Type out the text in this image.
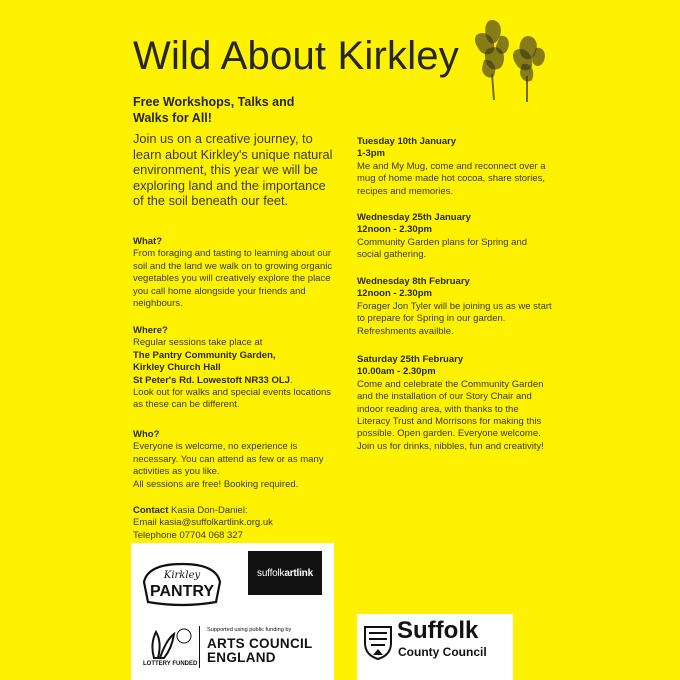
Wild About Kirkley
Free Workshops, Talks and Walks for All!
Join us on a creative journey, to learn about Kirkley's unique natural environment, this year we will be exploring land and the importance of the soil beneath our feet.
What?
From foraging and tasting to learning about our soil and the land we walk on to growing organic vegetables you will creatively explore the place you call home alongside your friends and neighbours.
Where?
Regular sessions take place at
The Pantry Community Garden,
Kirkley Church Hall
St Peter's Rd. Lowestoft NR33 OLJ.
Look out for walks and special events locations as these can be different.
Who?
Everyone is welcome, no experience is necessary. You can attend as few or as many activities as you like.
All sessions are free! Booking required.
Contact Kasia Don-Daniel:
Email kasia@suffolkartlink.org.uk
Telephone 07704 068 327
Tuesday 10th January
1-3pm
Me and My Mug, come and reconnect over a mug of home made hot cocoa, share stories, recipes and memories.
Wednesday 25th January
12noon - 2.30pm
Community Garden plans for Spring and social gathering.
Wednesday 8th February
12noon - 2.30pm
Forager Jon Tyler will be joining us as we start to prepare for Spring in our garden. Refreshments availble.
Saturday 25th February
10.00am - 2.30pm
Come and celebrate the Community Garden and the installation of our Story Chair and indoor reading area, with thanks to the Literacy Trust and Morrisons for making this possible. Open garden. Everyone welcome. Join us for drinks, nibbles, fun and creativity!
Kirkley
PANTRY
suffolk artlink
LOTTERY FUNDED
Supported using public funding by
ARTS COUNCIL
ENGLAND
Suffolk
County Council
